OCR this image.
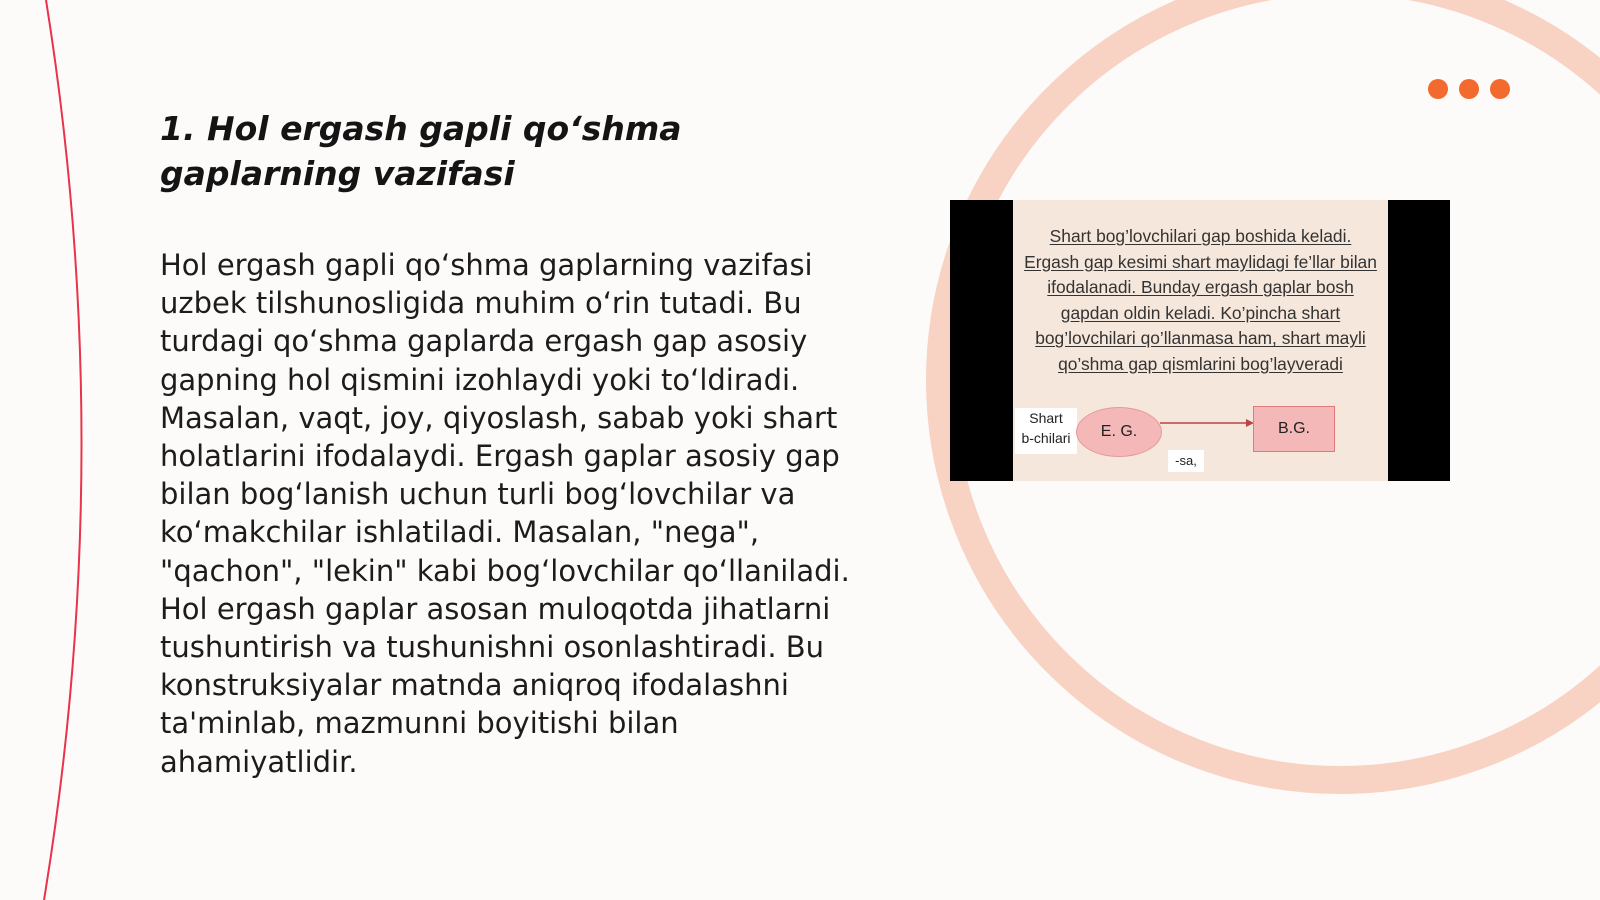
1. Hol ergash gapli qo‘shma gaplarning vazifasi

Hol ergash gapli qo‘shma gaplarning vazifasi uzbek tilshunosligida muhim o‘rin tutadi. Bu turdagi qo‘shma gaplarda ergash gap asosiy gapning hol qismini izohlaydi yoki to‘ldiradi. Masalan, vaqt, joy, qiyoslash, sabab yoki shart holatlarini ifodalaydi. Ergash gaplar asosiy gap bilan bog‘lanish uchun turli bog‘lovchilar va ko‘makchilar ishlatiladi. Masalan, "nega", "qachon", "lekin" kabi bog‘lovchilar qo‘llaniladi. Hol ergash gaplar asosan muloqotda jihatlarni tushuntirish va tushunishni osonlashtiradi. Bu konstruksiyalar matnda aniqroq ifodalashni ta'minlab, mazmunni boyitishi bilan ahamiyatlidir.

Shart bog’lovchilari gap boshida keladi. Ergash gap kesimi shart maylidagi fe’llar bilan ifodalanadi. Bunday ergash gaplar bosh gapdan oldin keladi. Ko’pincha shart bog’lovchilari qo’llanmasa ham, shart mayli qo’shma gap qismlarini bog’layveradi
Shart
b-chilari	E. G.	B.G.
-sa,
